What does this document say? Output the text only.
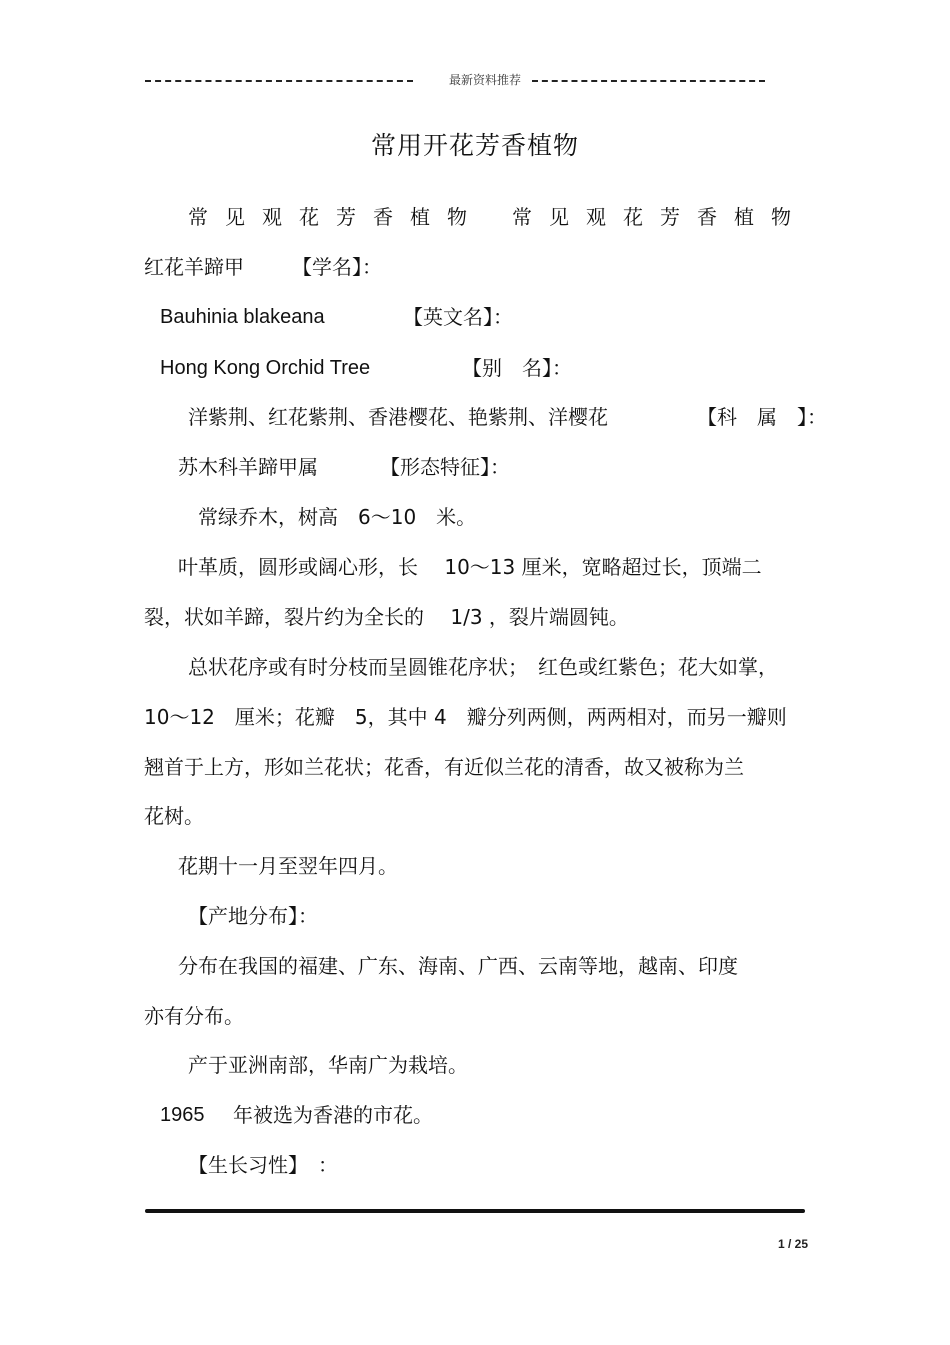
最新资料推荐
常用开花芳香植物
常见观花芳香植物 常见观花芳香植物
红花羊蹄甲 【学名】：
Bauhinia blakeana	【英文名】：
Hong Kong Orchid Tree	【别　名】：
洋紫荆、红花紫荆、香港樱花、艳紫荆、洋樱花	【科　属　】：
苏木科羊蹄甲属	【形态特征】：
常绿乔木，树高　6～10　米。
叶革质，圆形或阔心形，长　 10～13 厘米，宽略超过长，顶端二
裂，状如羊蹄，裂片约为全长的　 1/3 ，裂片端圆钝。
总状花序或有时分枝而呈圆锥花序状；　红色或红紫色；花大如掌，
10～12　厘米；花瓣　5，其中 4　瓣分列两侧，两两相对，而另一瓣则
翘首于上方，形如兰花状；花香，有近似兰花的清香，故又被称为兰
花树。
花期十一月至翌年四月。
【产地分布】：
分布在我国的福建、广东、海南、广西、云南等地，越南、印度
亦有分布。
产于亚洲南部，华南广为栽培。
1965 年被选为香港的市花。
【生长习性】　：
1 / 25
